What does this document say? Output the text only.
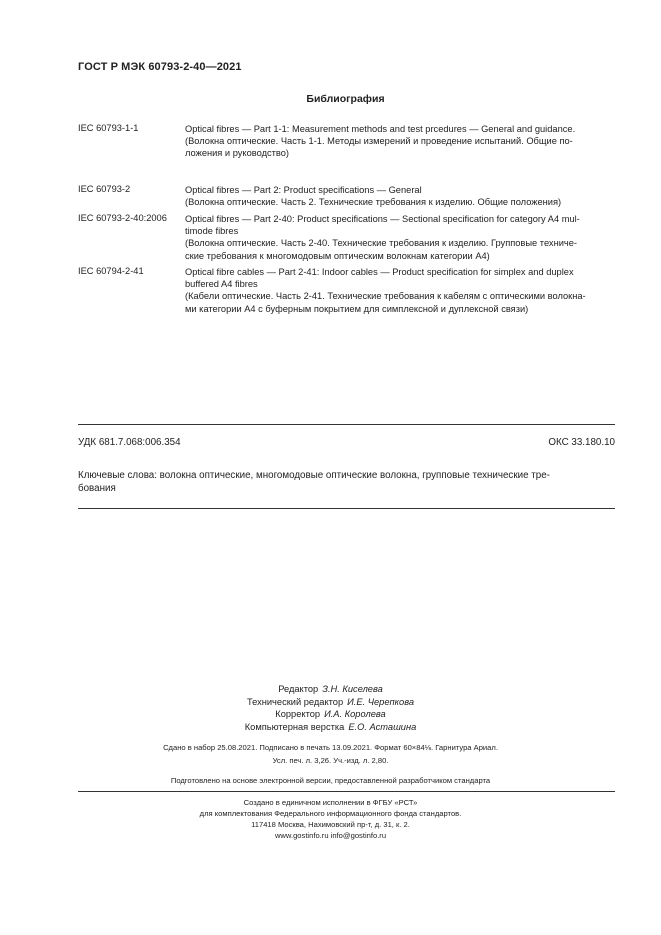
ГОСТ Р МЭК 60793-2-40—2021
Библиография
IEC 60793-1-1	Optical fibres — Part 1-1: Measurement methods and test prcedures — General and guidance.
(Волокна оптические. Часть 1-1. Методы измерений и проведение испытаний. Общие по-
ложения и руководство)
IEC 60793-2	Optical fibres — Part 2: Product specifications — General
(Волокна оптические. Часть 2. Технические требования к изделию. Общие положения)
IEC 60793-2-40:2006 Optical fibres — Part 2-40: Product specifications — Sectional specification for category A4 mul-
timode fibres
(Волокна оптические. Часть 2-40. Технические требования к изделию. Групповые техниче-
ские требования к многомодовым оптическим волокнам категории А4)
IEC 60794-2-41	Optical fibre cables — Part 2-41: Indoor cables — Product specification for simplex and duplex
buffered A4 fibres
(Кабели оптические. Часть 2-41. Технические требования к кабелям с оптическими волокна-
ми категории А4 с буферным покрытием для симплексной и дуплексной связи)
УДК 681.7.068:006.354	ОКС 33.180.10
Ключевые слова: волокна оптические, многомодовые оптические волокна, групповые технические тре-
бования
Редактор З.Н. Киселева
Технический редактор И.Е. Черепкова
Корректор И.А. Королева
Компьютерная верстка Е.О. Асташина
Сдано в набор 25.08.2021. Подписано в печать 13.09.2021. Формат 60×84⅛. Гарнитура Ариал.
Усл. печ. л. 3,26. Уч.-изд. л. 2,80.
Подготовлено на основе электронной версии, предоставленной разработчиком стандарта
Создано в единичном исполнении в ФГБУ «РСТ»
для комплектования Федерального информационного фонда стандартов.
117418 Москва, Нахимовский пр-т, д. 31, к. 2.
www.gostinfo.ru info@gostinfo.ru
